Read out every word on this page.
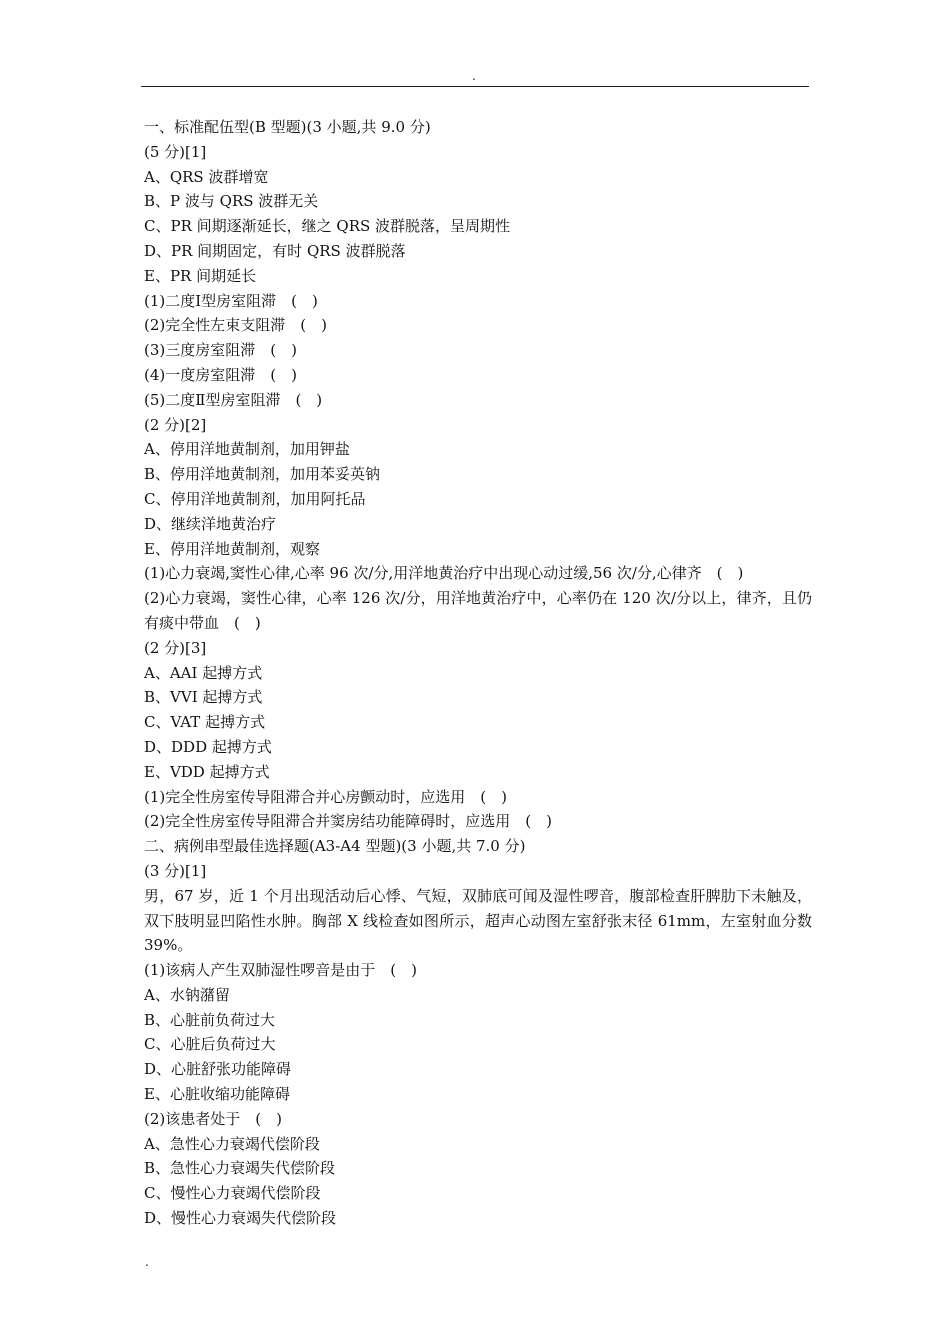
.
一、标准配伍型(B 型题)(3 小题,共 9.0 分)
(5 分)[1]
A、QRS 波群增宽
B、P 波与 QRS 波群无关
C、PR 间期逐渐延长，继之 QRS 波群脱落，呈周期性
D、PR 间期固定，有时 QRS 波群脱落
E、PR 间期延长
(1)二度Ⅰ型房室阻滞　(　)
(2)完全性左束支阻滞　(　)
(3)三度房室阻滞　(　)
(4)一度房室阻滞　(　)
(5)二度Ⅱ型房室阻滞　(　)
(2 分)[2]
A、停用洋地黄制剂，加用钾盐
B、停用洋地黄制剂，加用苯妥英钠
C、停用洋地黄制剂，加用阿托品
D、继续洋地黄治疗
E、停用洋地黄制剂，观察
(1)心力衰竭,窦性心律,心率 96 次/分,用洋地黄治疗中出现心动过缓,56 次/分,心律齐　(　)
(2)心力衰竭，窦性心律，心率 126 次/分，用洋地黄治疗中，心率仍在 120 次/分以上，律齐，且仍有痰中带血　(　)
(2 分)[3]
A、AAI 起搏方式
B、VVI 起搏方式
C、VAT 起搏方式
D、DDD 起搏方式
E、VDD 起搏方式
(1)完全性房室传导阻滞合并心房颤动时，应选用　(　)
(2)完全性房室传导阻滞合并窦房结功能障碍时，应选用　(　)
二、病例串型最佳选择题(A3-A4 型题)(3 小题,共 7.0 分)
(3 分)[1]
男，67 岁，近 1 个月出现活动后心悸、气短，双肺底可闻及湿性啰音，腹部检查肝脾肋下未触及，双下肢明显凹陷性水肿。胸部 X 线检查如图所示，超声心动图左室舒张末径 61mm，左室射血分数 39%。
(1)该病人产生双肺湿性啰音是由于　(　)
A、水钠潴留
B、心脏前负荷过大
C、心脏后负荷过大
D、心脏舒张功能障碍
E、心脏收缩功能障碍
(2)该患者处于　(　)
A、急性心力衰竭代偿阶段
B、急性心力衰竭失代偿阶段
C、慢性心力衰竭代偿阶段
D、慢性心力衰竭失代偿阶段
.
